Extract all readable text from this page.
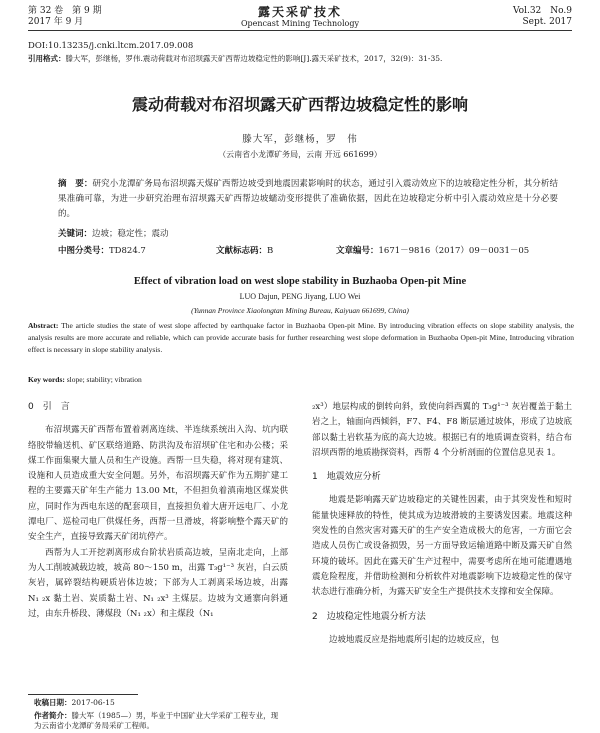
第 32 卷　第 9 期
2017 年 9 月
露天采矿技术
Opencast Mining Technology
Vol.32　No.9
Sept. 2017
DOI:10.13235/j.cnki.ltcm.2017.09.008
引用格式：滕大军，彭继杨，罗伟.震动荷载对布沼坝露天矿西帮边坡稳定性的影响[J].露天采矿技术，2017，32(9)：31-35.
震动荷载对布沼坝露天矿西帮边坡稳定性的影响
滕大军，彭继杨，罗　伟
（云南省小龙潭矿务局，云南 开远 661699）
摘　要：研究小龙潭矿务局布沼坝露天煤矿西帮边坡受到地震因素影响时的状态，通过引入震动效应下的边坡稳定性分析，其分析结果准确可靠，为进一步研究治理布沼坝露天矿西帮边坡蠕动变形提供了准确依据，因此在边坡稳定分析中引入震动效应是十分必要的。
关键词：边坡；稳定性；震动
中图分类号：TD824.7	文献标志码：B	文章编号：1671－9816（2017）09－0031－05
Effect of vibration load on west slope stability in Buzhaoba Open-pit Mine
LUO Dajun, PENG Jiyang, LUO Wei
(Yunnan Province Xiaolongtan Mining Bureau, Kaiyuan 661699, China)
Abstract: The article studies the state of west slope affected by earthquake factor in Buzhaoba Open-pit Mine. By introducing vibration effects on slope stability analysis, the analysis results are more accurate and reliable, which can provide accurate basis for further researching west slope deformation in Buzhaoba Open-pit Mine, Introducing vibration effect is necessary in slope stability analysis.
Key words: slope; stability; vibration
0　引　言

布沼坝露天矿西帮布置着剥离连续、半连续系统出入沟、坑内联络胶带输送机、矿区联络道路、防洪沟及布沼坝矿住宅和办公楼；采煤工作面集聚大量人员和生产设施。西帮一旦失稳，将对现有建筑、设施和人员造成重大安全问题。另外，布沼坝露天矿作为五期扩建工程的主要露天矿年生产能力 13.00 Mt，不但担负着滇南地区煤炭供应，同时作为西电东送的配套项目，直接担负着大唐开远电厂、小龙潭电厂、巡检司电厂供煤任务，西帮一旦滑坡，将影响整个露天矿的安全生产，直接导致露天矿闭坑停产。

西帮为人工开挖剥离形成台阶状岩质高边坡，呈南北走向，上部为人工削坡减载边坡，坡高 80～150 m，出露 T₃g¹⁻³ 灰岩，白云质灰岩，属碎裂结构硬质岩体边坡；下部为人工剥离采场边坡，出露 N₁ ₂x 黏土岩、炭质黏土岩、N₁ ₂x³ 主煤层。边坡为文通寨向斜通过，由东升桥段、薄煤段（N₁ ₂x）和主煤段（N₁

₂x³）地层构成的倒转向斜，致使向斜西翼的 T₃g¹⁻³ 灰岩覆盖于黏土岩之上，轴面向西倾斜，F7、F4、F8 断层通过坡体，形成了边坡底部以黏土岩软基为底的高大边坡。根据已有的地质调查资料，结合布沼坝西帮的地质勘探资料，西帮 4 个分析剖面的位置信息见表 1。

1　地震效应分析

地震是影响露天矿边坡稳定的关键性因素，由于其突发性和短时能量快速释放的特性，使其成为边坡滑坡的主要诱发因素。地震这种突发性的自然灾害对露天矿的生产安全造成极大的危害，一方面它会造成人员伤亡或设备损毁，另一方面导致运输道路中断及露天矿自然环境的破坏。因此在露天矿生产过程中，需要考虑所在地可能遭遇地震危险程度，并借助检测和分析软件对地震影响下边坡稳定性的保守状态进行准确分析，为露天矿安全生产提供技术支撑和安全保障。

2　边坡稳定性地震分析方法

边坡地震反应是指地震所引起的边坡反应，包

收稿日期：2017-06-15
作者简介：滕大军（1985—）男，毕业于中国矿业大学采矿工程专业，现为云南省小龙潭矿务局采矿工程师。
